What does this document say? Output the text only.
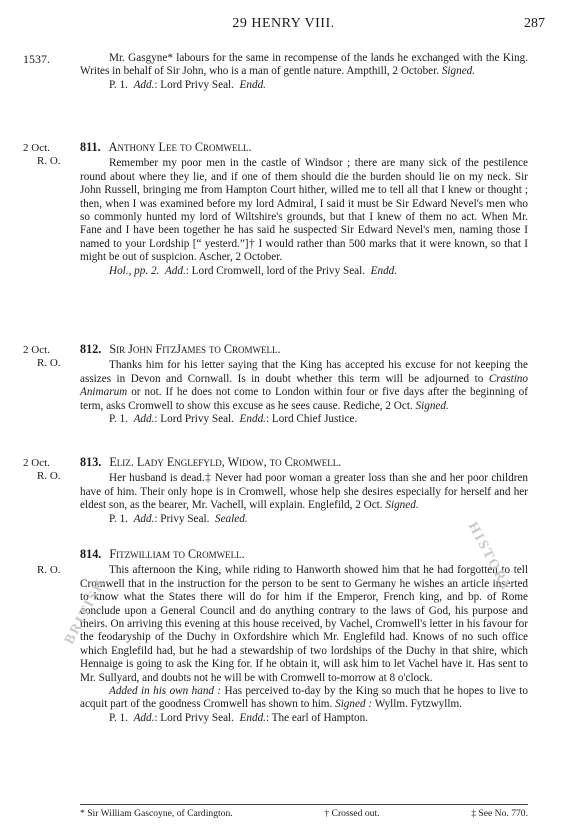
29 HENRY VIII.	287
1537.	Mr. Gasgyne* labours for the same in recompense of the lands he exchanged with the King. Writes in behalf of Sir John, who is a man of gentle nature. Ampthill, 2 October. Signed.

P. 1. Add.: Lord Privy Seal. Endd.

2 Oct.
R. O.
811. Anthony Lee to Cromwell.

Remember my poor men in the castle of Windsor ; there are many sick of the pestilence round about where they lie, and if one of them should die the burden should lie on my neck. Sir John Russell, bringing me from Hampton Court hither, willed me to tell all that I knew or thought ; then, when I was examined before my lord Admiral, I said it must be Sir Edward Nevel's men who so commonly hunted my lord of Wiltshire's grounds, but that I knew of them no act. When Mr. Fane and I have been together he has said he suspected Sir Edward Nevel's men, naming those I named to your Lordship [“ yesterd.”]† I would rather than 500 marks that it were known, so that I might be out of suspicion. Ascher, 2 October.

Hol., pp. 2. Add.: Lord Cromwell, lord of the Privy Seal. Endd.

2 Oct.
R. O.
812. Sir John FitzJames to Cromwell.

Thanks him for his letter saying that the King has accepted his excuse for not keeping the assizes in Devon and Cornwall. Is in doubt whether this term will be adjourned to Crastino Animarum or not. If he does not come to London within four or five days after the beginning of term, asks Cromwell to show this excuse as he sees cause. Rediche, 2 Oct. Signed.

P. 1. Add.: Lord Privy Seal. Endd.: Lord Chief Justice.

2 Oct.
R. O.
813. Eliz. Lady Englefyld, Widow, to Cromwell.

Her husband is dead.‡ Never had poor woman a greater loss than she and her poor children have of him. Their only hope is in Cromwell, whose help she desires especially for herself and her eldest son, as the bearer, Mr. Vachell, will explain. Englefild, 2 Oct. Signed.

P. 1. Add.: Privy Seal. Sealed.

R. O.
814. Fitzwilliam to Cromwell.

This afternoon the King, while riding to Hanworth showed him that he had forgotten to tell Cromwell that in the instruction for the person to be sent to Germany he wishes an article inserted to know what the States there will do for him if the Emperor, French king, and bp. of Rome conclude upon a General Council and do anything contrary to the laws of God, his purpose and theirs. On arriving this evening at this house received, by Vachel, Cromwell's letter in his favour for the feodaryship of the Duchy in Oxfordshire which Mr. Englefild had. Knows of no such office which Englefild had, but he had a stewardship of two lordships of the Duchy in that shire, which Hennaige is going to ask the King for. If he obtain it, will ask him to let Vachel have it. Has sent to Mr. Sullyard, and doubts not he will be with Cromwell to-morrow at 8 o'clock.

Added in his own hand : Has perceived to-day by the King so much that he hopes to live to acquit part of the goodness Cromwell has shown to him. Signed : Wyllm. Fytzwyllm.

P. 1. Add.: Lord Privy Seal. Endd.: The earl of Hampton.

* Sir William Gascoyne, of Cardington.	† Crossed out.	‡ See No. 770.
BRITISH
HISTORY
